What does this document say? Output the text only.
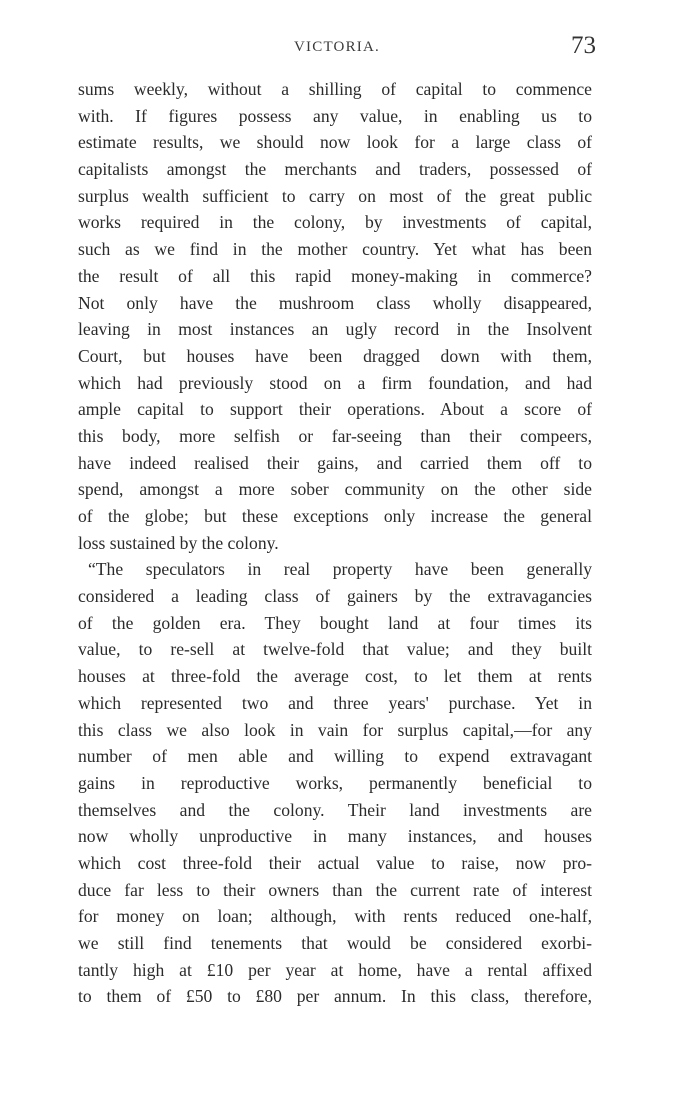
VICTORIA.	73
sums weekly, without a shilling of capital to commence
with. If figures possess any value, in enabling us to
estimate results, we should now look for a large class of
capitalists amongst the merchants and traders, possessed of
surplus wealth sufficient to carry on most of the great public
works required in the colony, by investments of capital,
such as we find in the mother country. Yet what has been
the result of all this rapid money-making in commerce?
Not only have the mushroom class wholly disappeared,
leaving in most instances an ugly record in the Insolvent
Court, but houses have been dragged down with them,
which had previously stood on a firm foundation, and had
ample capital to support their operations. About a score of
this body, more selfish or far-seeing than their compeers,
have indeed realised their gains, and carried them off to
spend, amongst a more sober community on the other side
of the globe; but these exceptions only increase the general
loss sustained by the colony.
“The speculators in real property have been generally
considered a leading class of gainers by the extravagancies
of the golden era. They bought land at four times its
value, to re-sell at twelve-fold that value; and they built
houses at three-fold the average cost, to let them at rents
which represented two and three years' purchase. Yet in
this class we also look in vain for surplus capital,—for any
number of men able and willing to expend extravagant
gains in reproductive works, permanently beneficial to
themselves and the colony. Their land investments are
now wholly unproductive in many instances, and houses
which cost three-fold their actual value to raise, now pro-
duce far less to their owners than the current rate of interest
for money on loan; although, with rents reduced one-half,
we still find tenements that would be considered exorbi-
tantly high at £10 per year at home, have a rental affixed
to them of £50 to £80 per annum. In this class, therefore,
